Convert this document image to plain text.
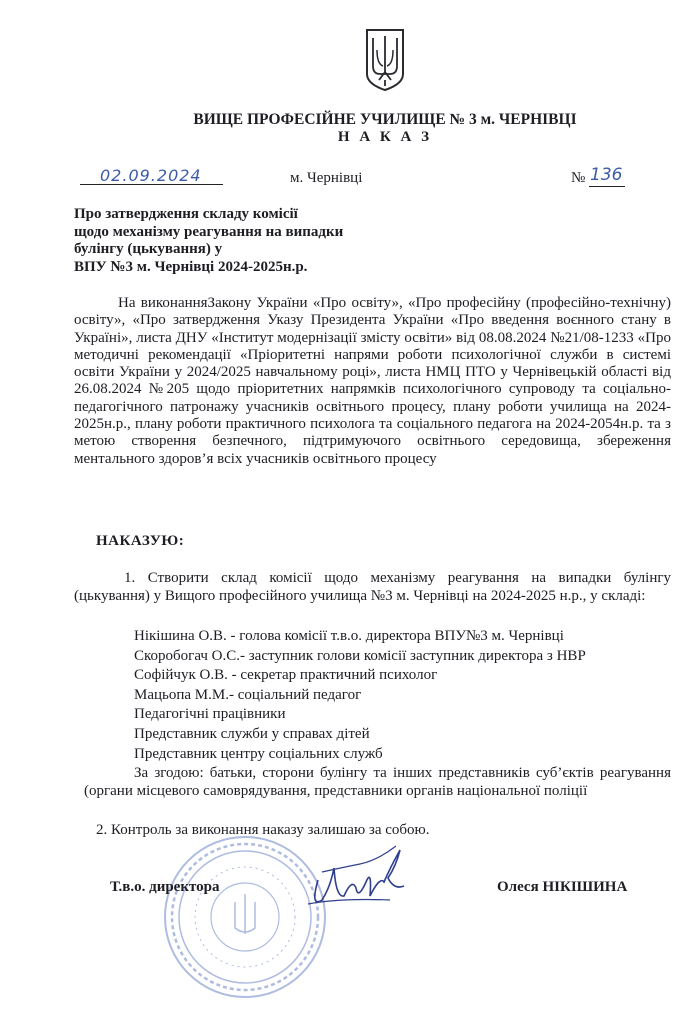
ВИЩЕ ПРОФЕСІЙНЕ УЧИЛИЩЕ № 3 м. ЧЕРНІВЦІ
Н А К А З
02.09.2024	м. Чернівці	№ 136
Про затвердження складу комісії
щодо механізму реагування на випадки
булінгу (цькування) у
ВПУ №3 м. Чернівці 2024-2025н.р.
На виконанняЗакону України «Про освіту», «Про професійну (професійно-технічну) освіту», «Про затвердження Указу Президента України «Про введення воєнного стану в Україні», листа ДНУ «Інститут модернізації змісту освіти» від 08.08.2024 №21/08-1233 «Про методичні рекомендації «Пріоритетні напрями роботи психологічної служби в системі освіти України у 2024/2025 навчальному році», листа НМЦ ПТО у Чернівецькій області від 26.08.2024 №205 щодо пріоритетних напрямків психологічного супроводу та соціально-педагогічного патронажу учасників освітнього процесу, плану роботи училища на 2024-2025н.р., плану роботи практичного психолога та соціального педагога на 2024-2054н.р. та з метою створення безпечного, підтримуючого освітнього середовища, збереження ментального здоров’я всіх учасників освітнього процесу
НАКАЗУЮ:
1. Створити склад комісії щодо механізму реагування на випадки булінгу (цькування) у Вищого професійного училища №3 м. Чернівці на 2024-2025 н.р., у складі:
Нікішина О.В. - голова комісії т.в.о. директора ВПУ№3 м. Чернівці
Скоробогач О.С.- заступник голови комісії заступник директора з НВР
Софійчук О.В. - секретар практичний психолог
Мацьопа М.М.- соціальний педагог
Педагогічні працівники
Представник служби у справах дітей
Представник центру соціальних служб
За згодою: батьки, сторони булінгу та інших представників суб’єктів реагування (органи місцевого самоврядування, представники органів національної поліції
2. Контроль за виконання наказу залишаю за собою.
Т.в.о. директора	Олеся НІКІШИНА
